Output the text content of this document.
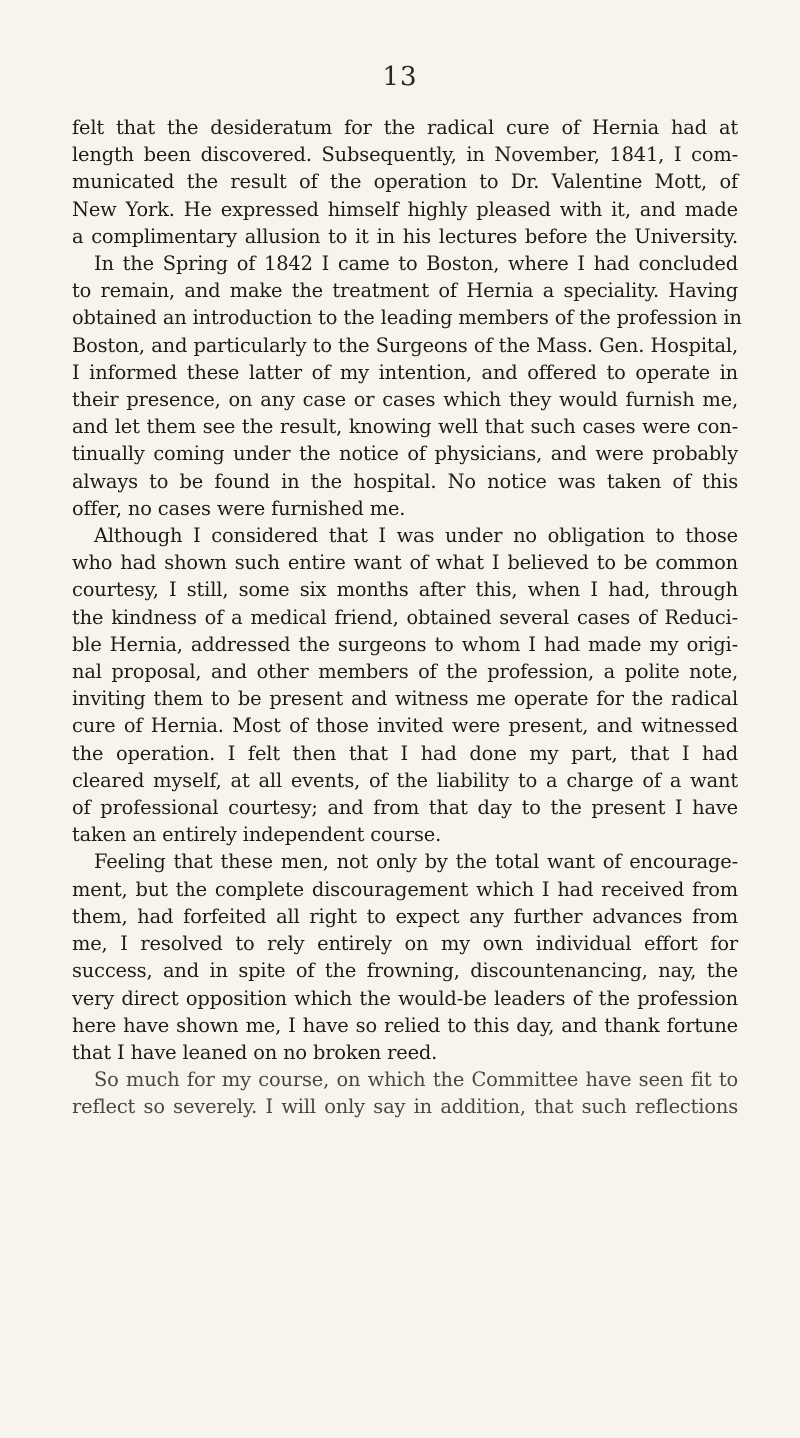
13
felt that the desideratum for the radical cure of Hernia had at
length been discovered. Subsequently, in November, 1841, I com-
municated the result of the operation to Dr. Valentine Mott, of
New York. He expressed himself highly pleased with it, and made
a complimentary allusion to it in his lectures before the University.
In the Spring of 1842 I came to Boston, where I had concluded
to remain, and make the treatment of Hernia a speciality. Having
obtained an introduction to the leading members of the profession in
Boston, and particularly to the Surgeons of the Mass. Gen. Hospital,
I informed these latter of my intention, and offered to operate in
their presence, on any case or cases which they would furnish me,
and let them see the result, knowing well that such cases were con-
tinually coming under the notice of physicians, and were probably
always to be found in the hospital. No notice was taken of this
offer, no cases were furnished me.
Although I considered that I was under no obligation to those
who had shown such entire want of what I believed to be common
courtesy, I still, some six months after this, when I had, through
the kindness of a medical friend, obtained several cases of Reduci-
ble Hernia, addressed the surgeons to whom I had made my origi-
nal proposal, and other members of the profession, a polite note,
inviting them to be present and witness me operate for the radical
cure of Hernia. Most of those invited were present, and witnessed
the operation. I felt then that I had done my part, that I had
cleared myself, at all events, of the liability to a charge of a want
of professional courtesy; and from that day to the present I have
taken an entirely independent course.
Feeling that these men, not only by the total want of encourage-
ment, but the complete discouragement which I had received from
them, had forfeited all right to expect any further advances from
me, I resolved to rely entirely on my own individual effort for
success, and in spite of the frowning, discountenancing, nay, the
very direct opposition which the would-be leaders of the profession
here have shown me, I have so relied to this day, and thank fortune
that I have leaned on no broken reed.
So much for my course, on which the Committee have seen fit to
reflect so severely. I will only say in addition, that such reflections
